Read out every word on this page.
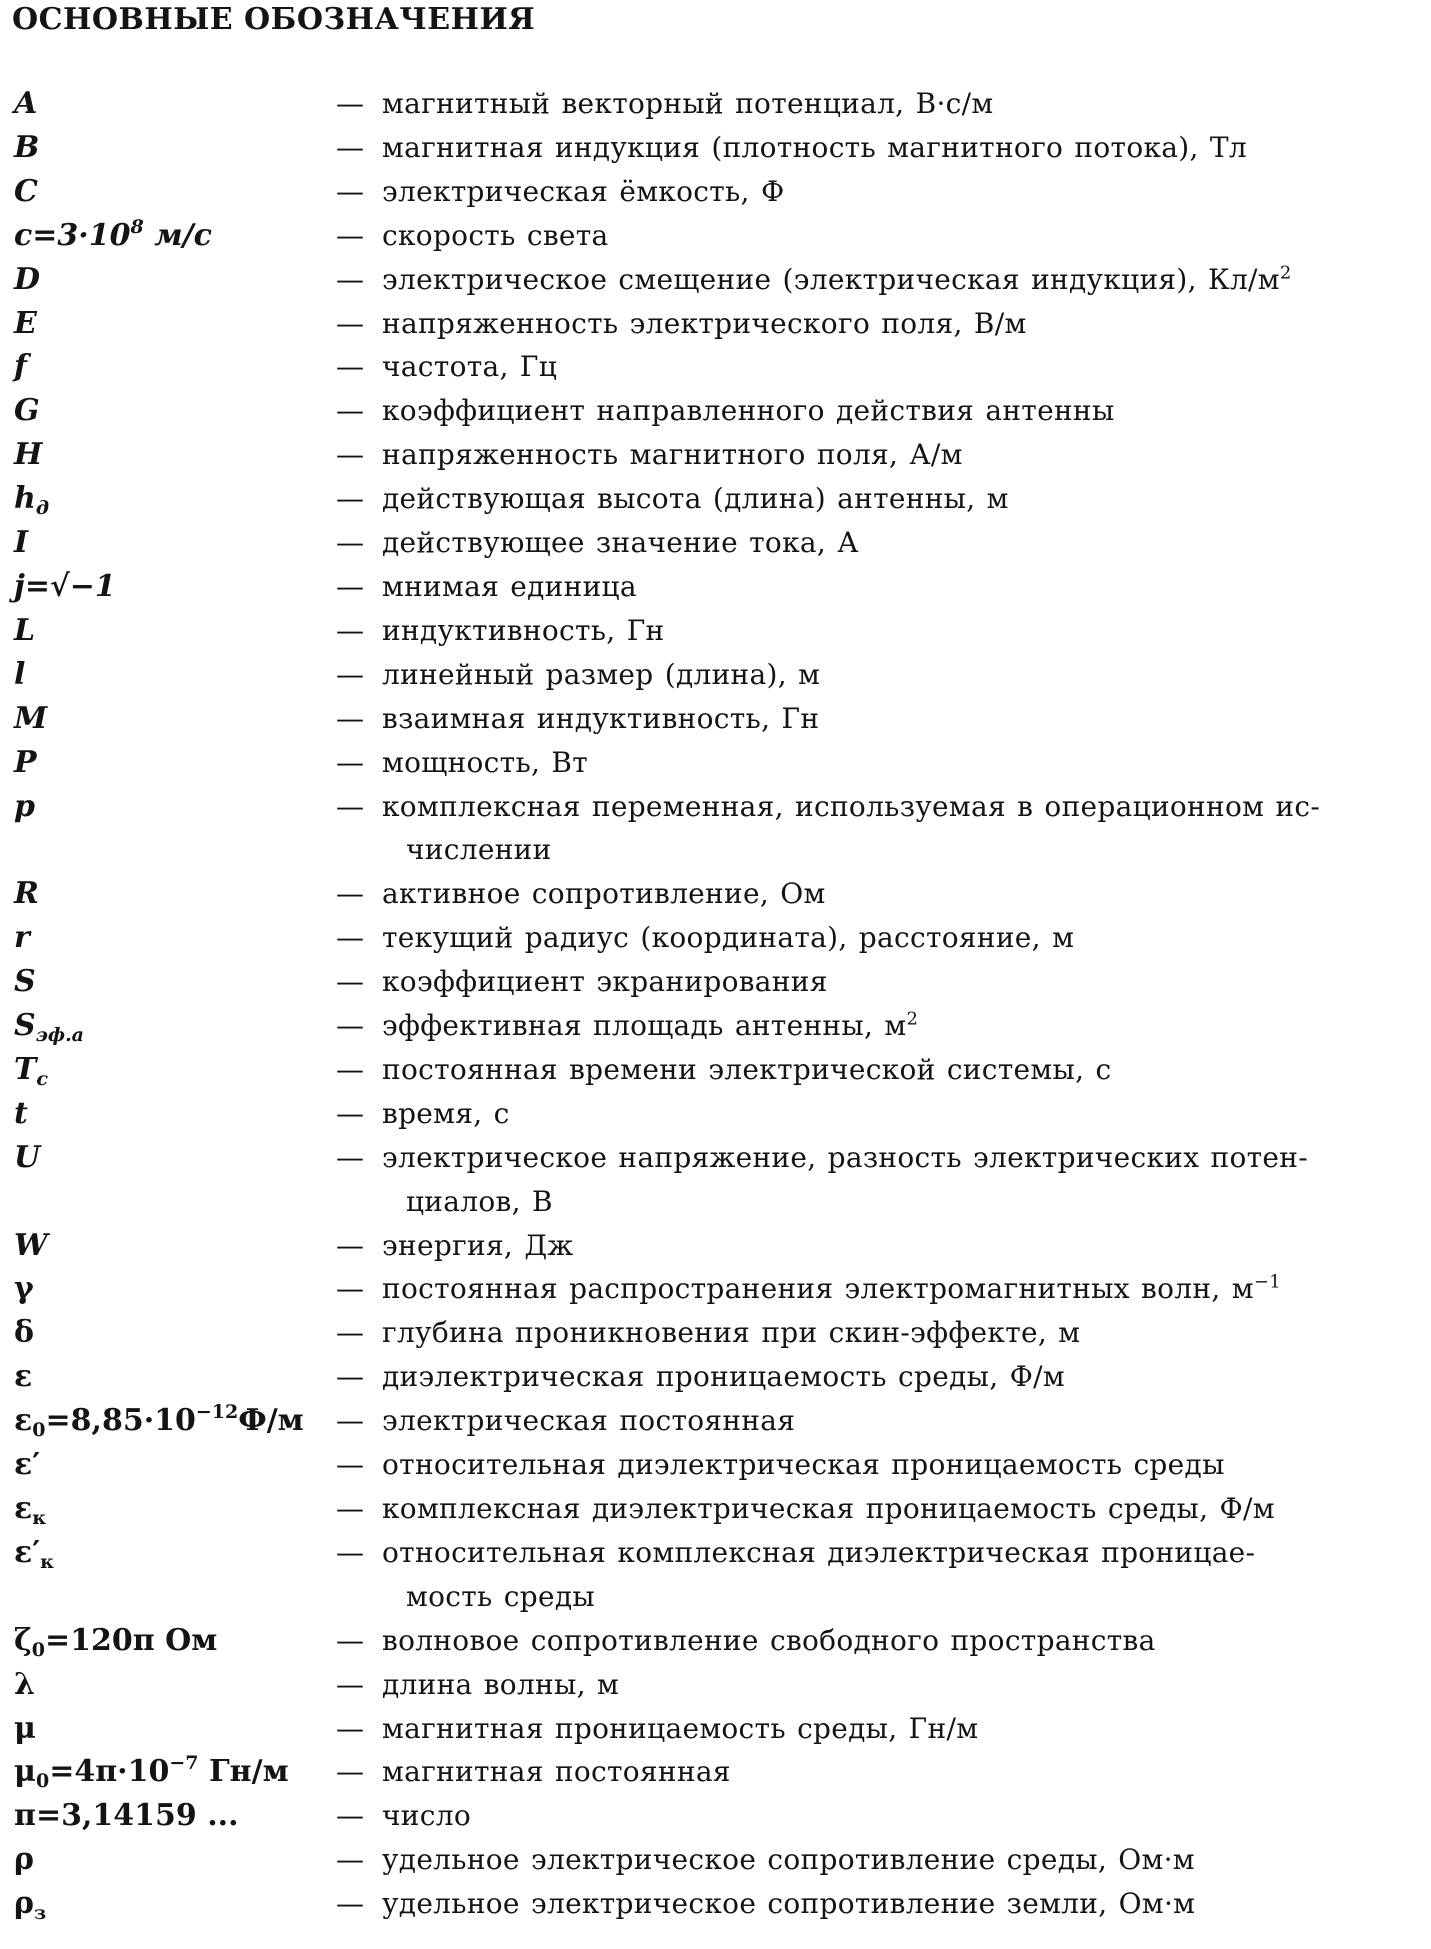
ОСНОВНЫЕ ОБОЗНАЧЕНИЯ
A	— магнитный векторный потенциал, В·с/м
B	— магнитная индукция (плотность магнитного потока), Тл
C	— электрическая ёмкость, Ф
$c=3\cdot 10^8$ м/с	— скорость света
D	— электрическое смещение (электрическая индукция), $Кл/м^2$
E	— напряженность электрического поля, В/м
f	— частота, Гц
G	— коэффициент направленного действия антенны
H	— напряженность магнитного поля, А/м
$h_д$	— действующая высота (длина) антенны, м
I	— действующее значение тока, А
j=√−1	— мнимая единица
L	— индуктивность, Гн
l	— линейный размер (длина), м
M	— взаимная индуктивность, Гн
P	— мощность, Вт
p	— комплексная переменная, используемая в операционном ис-
числении
R	— активное сопротивление, Ом
r	— текущий радиус (координата), расстояние, м
S	— коэффициент экранирования
$S_{эф.а}$	— эффективная площадь антенны, $м^2$
$T_с$	— постоянная времени электрической системы, с
t	— время, с
U	— электрическое напряжение, разность электрических потен-
циалов, В
W	— энергия, Дж
γ	— постоянная распространения электромагнитных волн, $м^{-1}$
δ	— глубина проникновения при скин-эффекте, м
ε	— диэлектрическая проницаемость среды, Ф/м
$\varepsilon_0=8,85\cdot 10^{-12}Ф/м$	— электрическая постоянная
ε′	— относительная диэлектрическая проницаемость среды
$\varepsilon_к$	— комплексная диэлектрическая проницаемость среды, Ф/м
$\varepsilon'_к$	— относительная комплексная диэлектрическая проницае-
мость среды
$\zeta_0=120\pi$ Ом	— волновое сопротивление свободного пространства
λ	— длина волны, м
μ	— магнитная проницаемость среды, Гн/м
$\mu_0=4\pi\cdot 10^{-7}$ Гн/м	— магнитная постоянная
π=3,14159 ...	— число
ρ	— удельное электрическое сопротивление среды, Ом·м
$\rho_з$	— удельное электрическое сопротивление земли, Ом·м
